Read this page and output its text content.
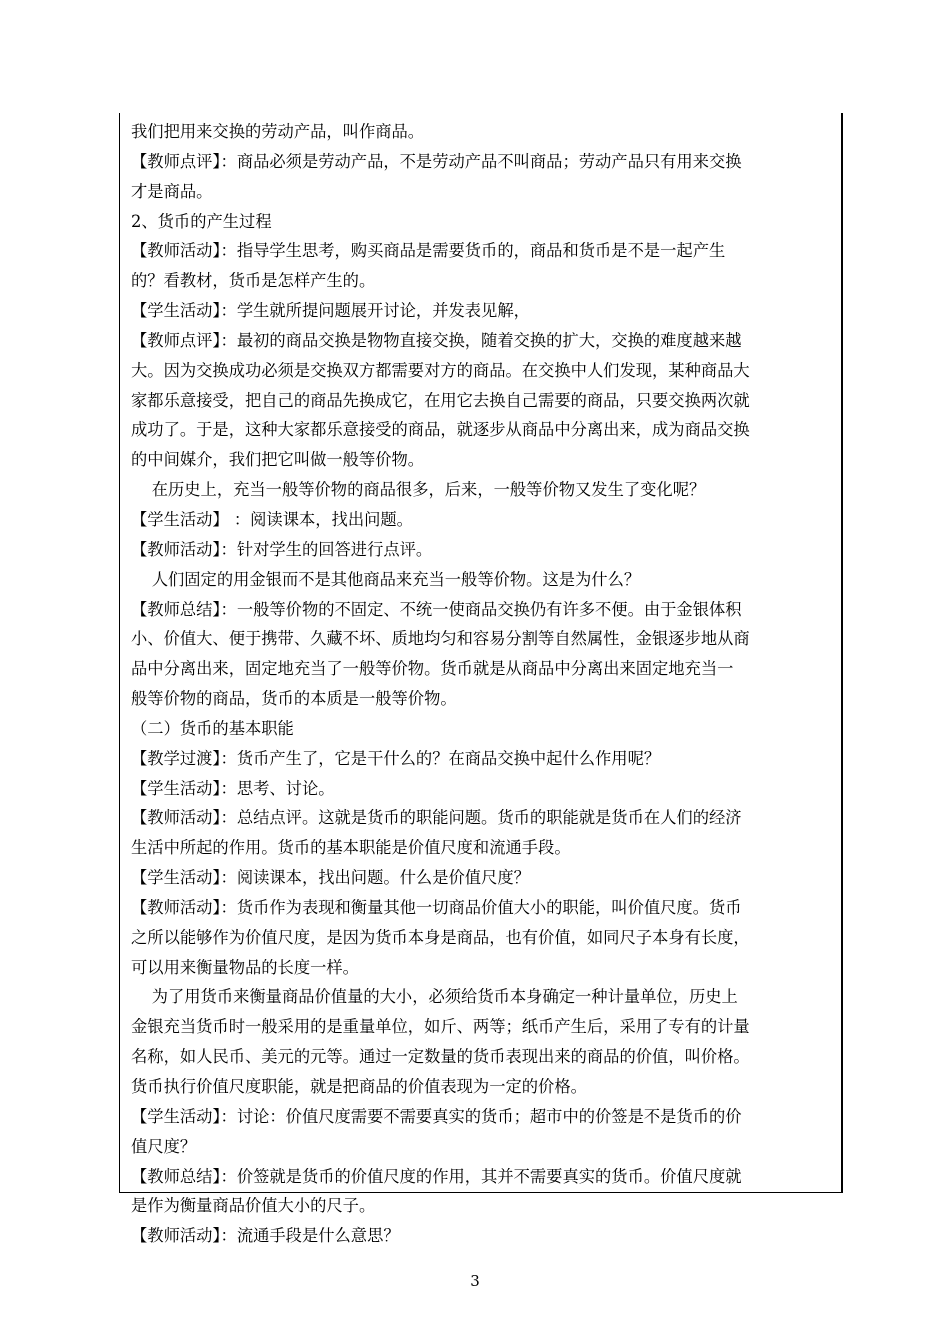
我们把用来交换的劳动产品，叫作商品。
【教师点评】：商品必须是劳动产品，不是劳动产品不叫商品；劳动产品只有用来交换
才是商品。
2、货币的产生过程
【教师活动】：指导学生思考，购买商品是需要货币的，商品和货币是不是一起产生
的？看教材，货币是怎样产生的。
【学生活动】：学生就所提问题展开讨论，并发表见解，
【教师点评】：最初的商品交换是物物直接交换，随着交换的扩大，交换的难度越来越
大。因为交换成功必须是交换双方都需要对方的商品。在交换中人们发现，某种商品大
家都乐意接受，把自己的商品先换成它，在用它去换自己需要的商品，只要交换两次就
成功了。于是，这种大家都乐意接受的商品，就逐步从商品中分离出来，成为商品交换
的中间媒介，我们把它叫做一般等价物。
在历史上，充当一般等价物的商品很多，后来，一般等价物又发生了变化呢？
【学生活动】 ：阅读课本，找出问题。
【教师活动】：针对学生的回答进行点评。
人们固定的用金银而不是其他商品来充当一般等价物。这是为什么？
【教师总结】：一般等价物的不固定、不统一使商品交换仍有许多不便。由于金银体积
小、价值大、便于携带、久藏不坏、质地均匀和容易分割等自然属性，金银逐步地从商
品中分离出来，固定地充当了一般等价物。货币就是从商品中分离出来固定地充当一
般等价物的商品，货币的本质是一般等价物。
（二）货币的基本职能
【教学过渡】：货币产生了，它是干什么的？在商品交换中起什么作用呢？
【学生活动】：思考、讨论。
【教师活动】：总结点评。这就是货币的职能问题。货币的职能就是货币在人们的经济
生活中所起的作用。货币的基本职能是价值尺度和流通手段。
【学生活动】：阅读课本，找出问题。什么是价值尺度？
【教师活动】：货币作为表现和衡量其他一切商品价值大小的职能，叫价值尺度。货币
之所以能够作为价值尺度，是因为货币本身是商品，也有价值，如同尺子本身有长度，
可以用来衡量物品的长度一样。
为了用货币来衡量商品价值量的大小，必须给货币本身确定一种计量单位，历史上
金银充当货币时一般采用的是重量单位，如斤、两等；纸币产生后，采用了专有的计量
名称，如人民币、美元的元等。通过一定数量的货币表现出来的商品的价值，叫价格。
货币执行价值尺度职能，就是把商品的价值表现为一定的价格。
【学生活动】：讨论：价值尺度需要不需要真实的货币；超市中的价签是不是货币的价
值尺度？
【教师总结】：价签就是货币的价值尺度的作用，其并不需要真实的货币。价值尺度就
是作为衡量商品价值大小的尺子。
【教师活动】：流通手段是什么意思？
3
